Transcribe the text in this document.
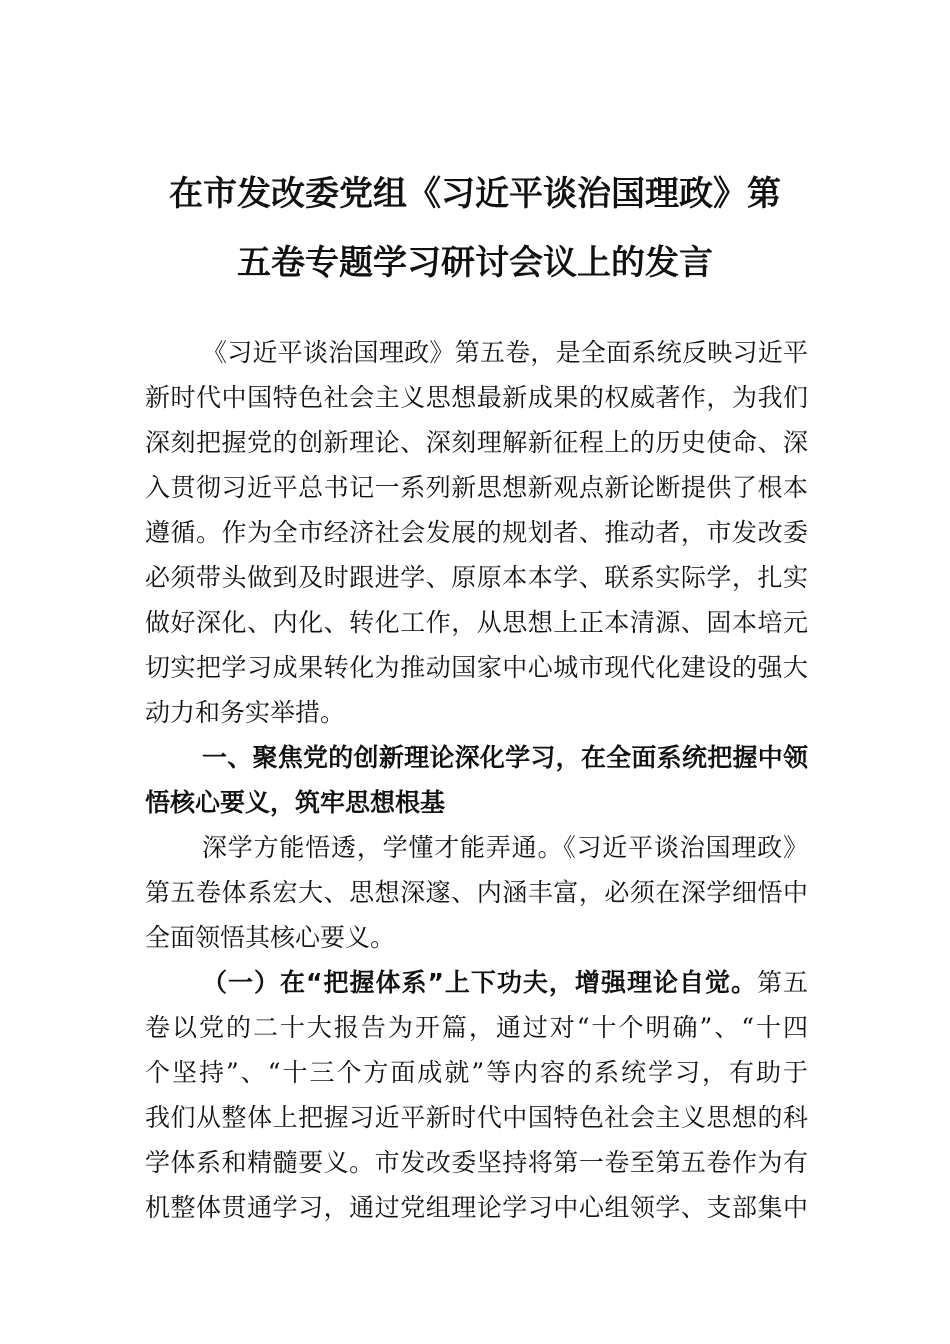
在市发改委党组《习近平谈治国理政》第
五卷专题学习研讨会议上的发言
《习近平谈治国理政》第五卷，是全面系统反映习近平
新时代中国特色社会主义思想最新成果的权威著作，为我们
深刻把握党的创新理论、深刻理解新征程上的历史使命、深
入贯彻习近平总书记一系列新思想新观点新论断提供了根本
遵循。作为全市经济社会发展的规划者、推动者，市发改委
必须带头做到及时跟进学、原原本本学、联系实际学，扎实
做好深化、内化、转化工作，从思想上正本清源、固本培元
切实把学习成果转化为推动国家中心城市现代化建设的强大
动力和务实举措。
一、聚焦党的创新理论深化学习，在全面系统把握中领
悟核心要义，筑牢思想根基
深学方能悟透，学懂才能弄通。《习近平谈治国理政》
第五卷体系宏大、思想深邃、内涵丰富，必须在深学细悟中
全面领悟其核心要义。
（一）在“把握体系”上下功夫，增强理论自觉。第五
卷以党的二十大报告为开篇，通过对“十个明确”、“十四
个坚持”、“十三个方面成就”等内容的系统学习，有助于
我们从整体上把握习近平新时代中国特色社会主义思想的科
学体系和精髓要义。市发改委坚持将第一卷至第五卷作为有
机整体贯通学习，通过党组理论学习中心组领学、支部集中
